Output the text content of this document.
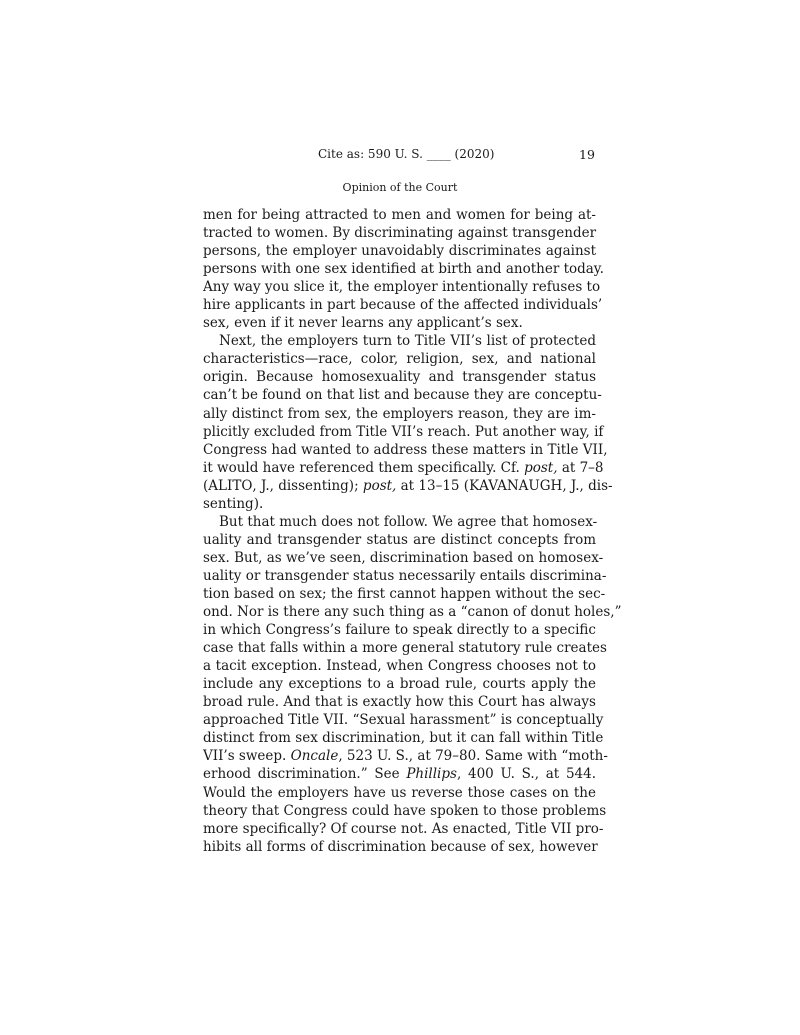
Cite as: 590 U. S. ____ (2020)	19
Opinion of the Court
men for being attracted to men and women for being at-
tracted to women. By discriminating against transgender
persons, the employer unavoidably discriminates against
persons with one sex identified at birth and another today.
Any way you slice it, the employer intentionally refuses to
hire applicants in part because of the affected individuals’
sex, even if it never learns any applicant’s sex.
Next, the employers turn to Title VII’s list of protected
characteristics—race, color, religion, sex, and national
origin. Because homosexuality and transgender status
can’t be found on that list and because they are conceptu-
ally distinct from sex, the employers reason, they are im-
plicitly excluded from Title VII’s reach. Put another way, if
Congress had wanted to address these matters in Title VII,
it would have referenced them specifically. Cf. post, at 7–8
(ALITO, J., dissenting); post, at 13–15 (KAVANAUGH, J., dis-
senting).
But that much does not follow. We agree that homosex-
uality and transgender status are distinct concepts from
sex. But, as we’ve seen, discrimination based on homosex-
uality or transgender status necessarily entails discrimina-
tion based on sex; the first cannot happen without the sec-
ond. Nor is there any such thing as a “canon of donut holes,”
in which Congress’s failure to speak directly to a specific
case that falls within a more general statutory rule creates
a tacit exception. Instead, when Congress chooses not to
include any exceptions to a broad rule, courts apply the
broad rule. And that is exactly how this Court has always
approached Title VII. “Sexual harassment” is conceptually
distinct from sex discrimination, but it can fall within Title
VII’s sweep. Oncale, 523 U. S., at 79–80. Same with “moth-
erhood discrimination.” See Phillips, 400 U. S., at 544.
Would the employers have us reverse those cases on the
theory that Congress could have spoken to those problems
more specifically? Of course not. As enacted, Title VII pro-
hibits all forms of discrimination because of sex, however
